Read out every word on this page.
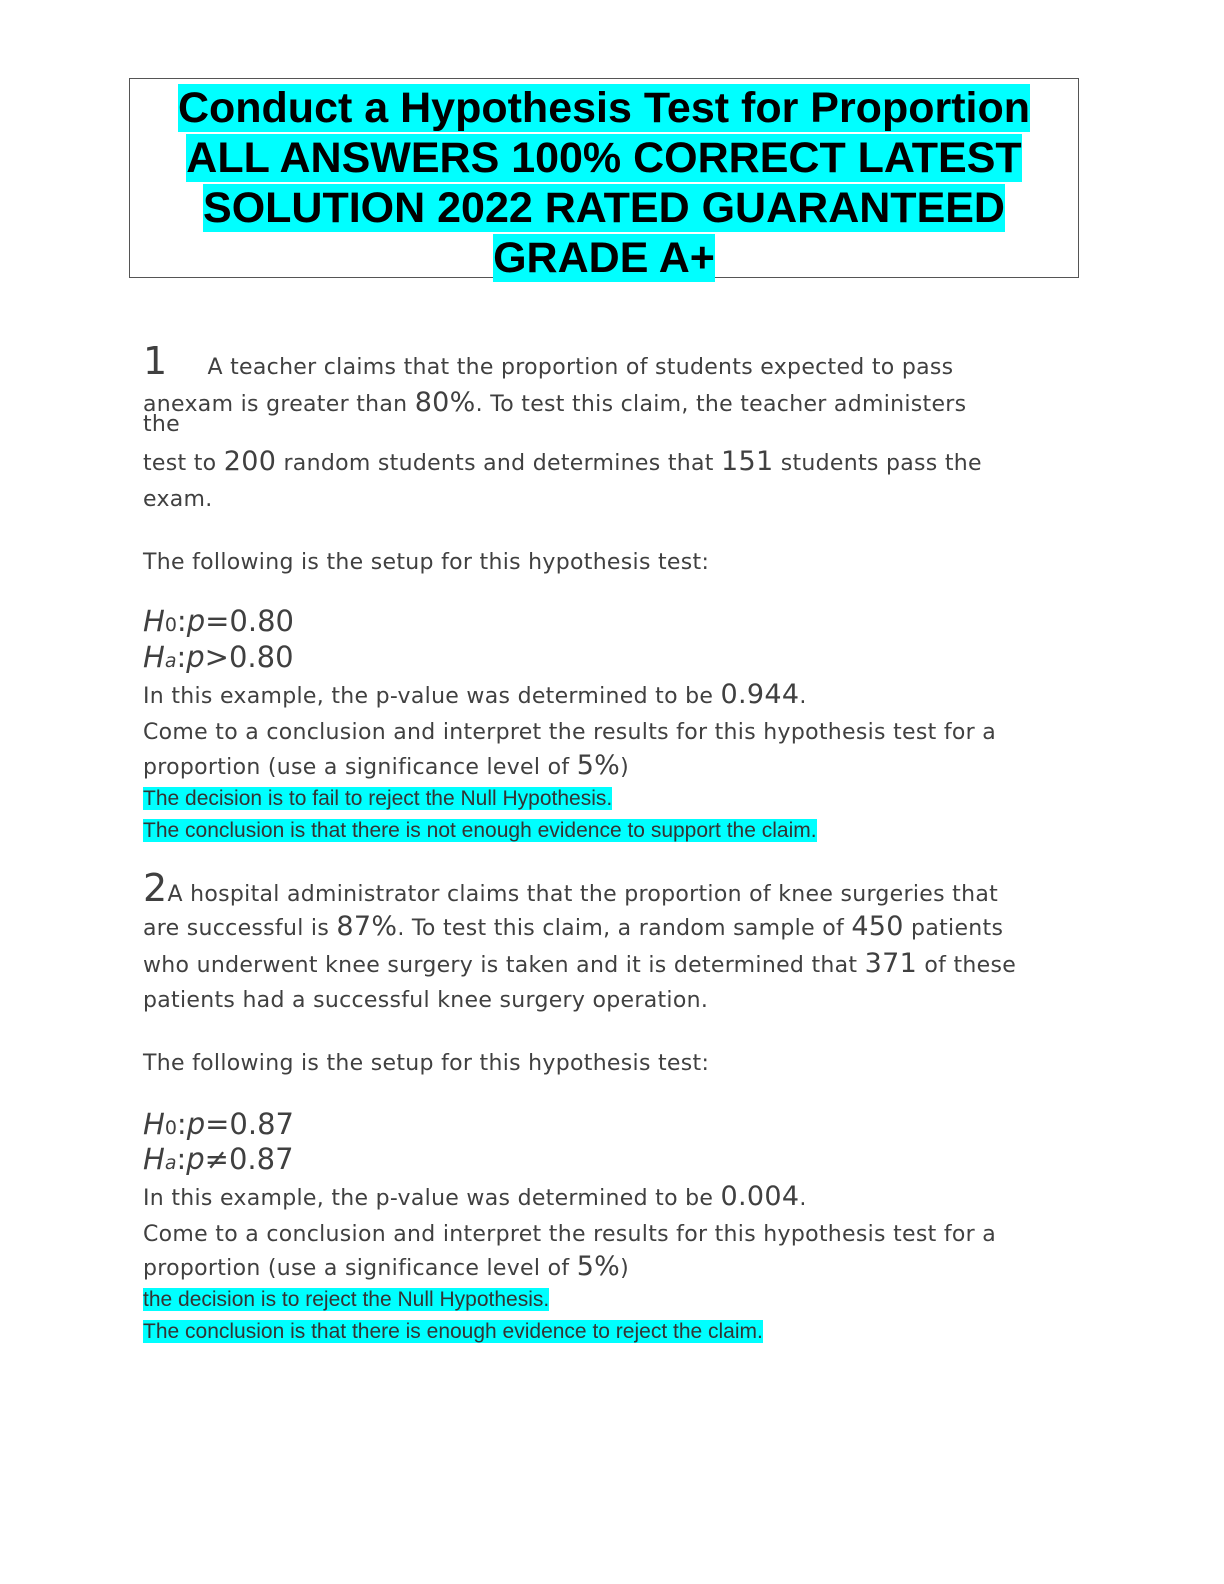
Conduct a Hypothesis Test for Proportion
ALL ANSWERS 100% CORRECT LATEST
SOLUTION 2022 RATED GUARANTEED
GRADE A+
1 A teacher claims that the proportion of students expected to pass
anexam is greater than 80%. To test this claim, the teacher administers
the
test to 200 random students and determines that 151 students pass the
exam.
The following is the setup for this hypothesis test:
H0:p=0.80
Ha:p>0.80
In this example, the p-value was determined to be 0.944.
Come to a conclusion and interpret the results for this hypothesis test for a
proportion (use a significance level of 5%)
The decision is to fail to reject the Null Hypothesis.
The conclusion is that there is not enough evidence to support the claim.
2A hospital administrator claims that the proportion of knee surgeries that
are successful is 87%. To test this claim, a random sample of 450 patients
who underwent knee surgery is taken and it is determined that 371 of these
patients had a successful knee surgery operation.
The following is the setup for this hypothesis test:
H0:p=0.87
Ha:p≠0.87
In this example, the p-value was determined to be 0.004.
Come to a conclusion and interpret the results for this hypothesis test for a
proportion (use a significance level of 5%)
the decision is to reject the Null Hypothesis.
The conclusion is that there is enough evidence to reject the claim.
